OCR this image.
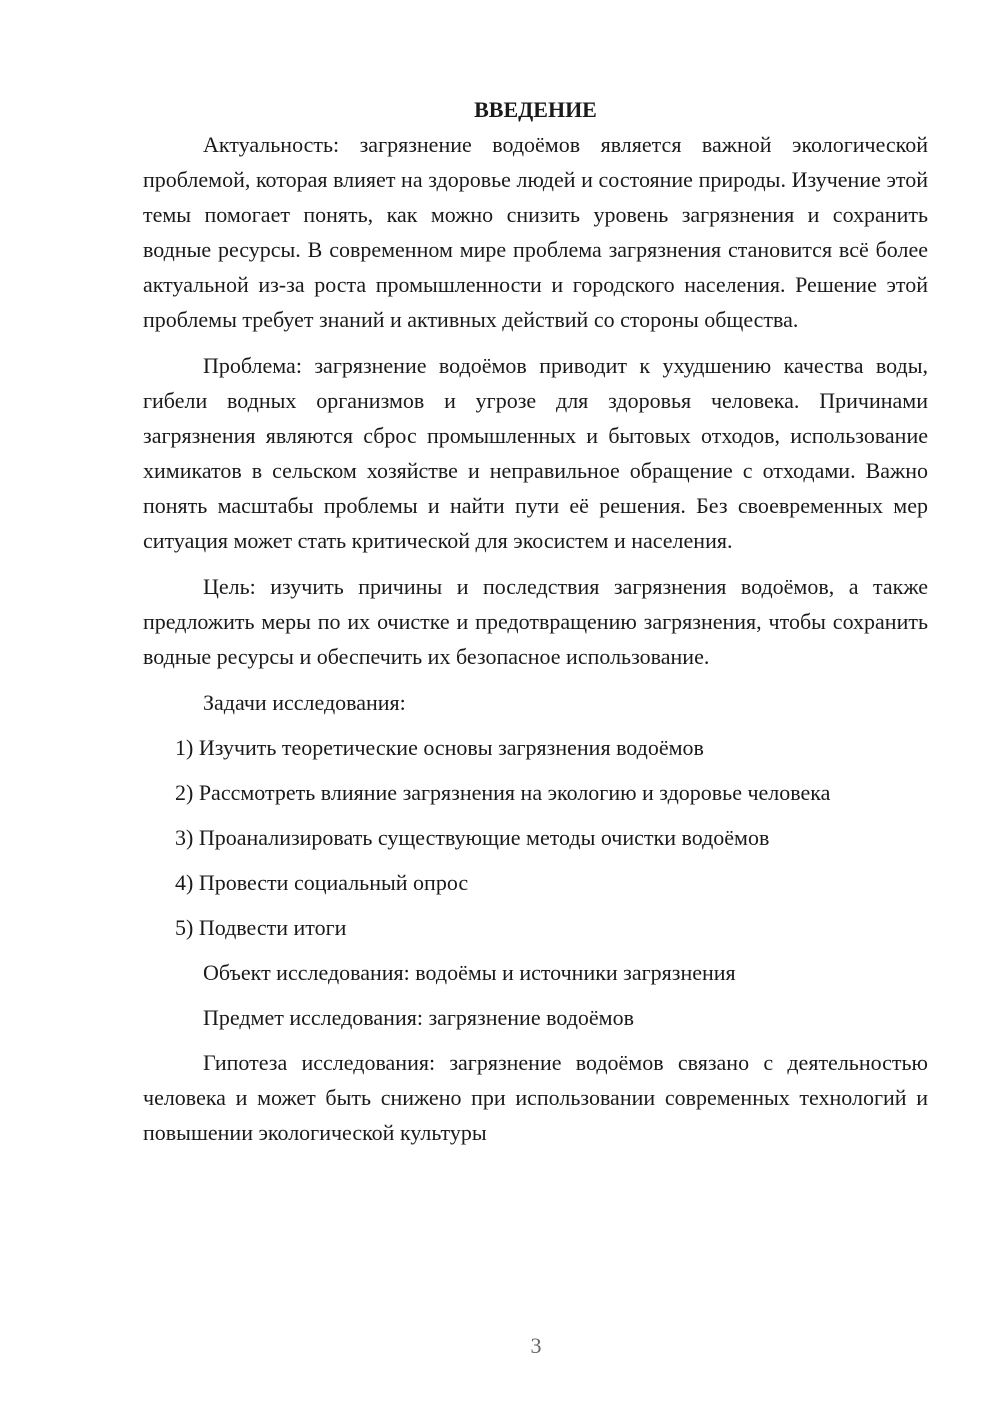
ВВЕДЕНИЕ

Актуальность: загрязнение водоёмов является важной экологической проблемой, которая влияет на здоровье людей и состояние природы. Изучение этой темы помогает понять, как можно снизить уровень загрязнения и сохранить водные ресурсы. В современном мире проблема загрязнения становится всё более актуальной из-за роста промышленности и городского населения. Решение этой проблемы требует знаний и активных действий со стороны общества.

Проблема: загрязнение водоёмов приводит к ухудшению качества воды, гибели водных организмов и угрозе для здоровья человека. Причинами загрязнения являются сброс промышленных и бытовых отходов, использование химикатов в сельском хозяйстве и неправильное обращение с отходами. Важно понять масштабы проблемы и найти пути её решения. Без своевременных мер ситуация может стать критической для экосистем и населения.

Цель: изучить причины и последствия загрязнения водоёмов, а также предложить меры по их очистке и предотвращению загрязнения, чтобы сохранить водные ресурсы и обеспечить их безопасное использование.

Задачи исследования:

1) Изучить теоретические основы загрязнения водоёмов
2) Рассмотреть влияние загрязнения на экологию и здоровье человека
3) Проанализировать существующие методы очистки водоёмов
4) Провести социальный опрос
5) Подвести итоги

Объект исследования: водоёмы и источники загрязнения

Предмет исследования: загрязнение водоёмов

Гипотеза исследования: загрязнение водоёмов связано с деятельностью человека и может быть снижено при использовании современных технологий и повышении экологической культуры

3
